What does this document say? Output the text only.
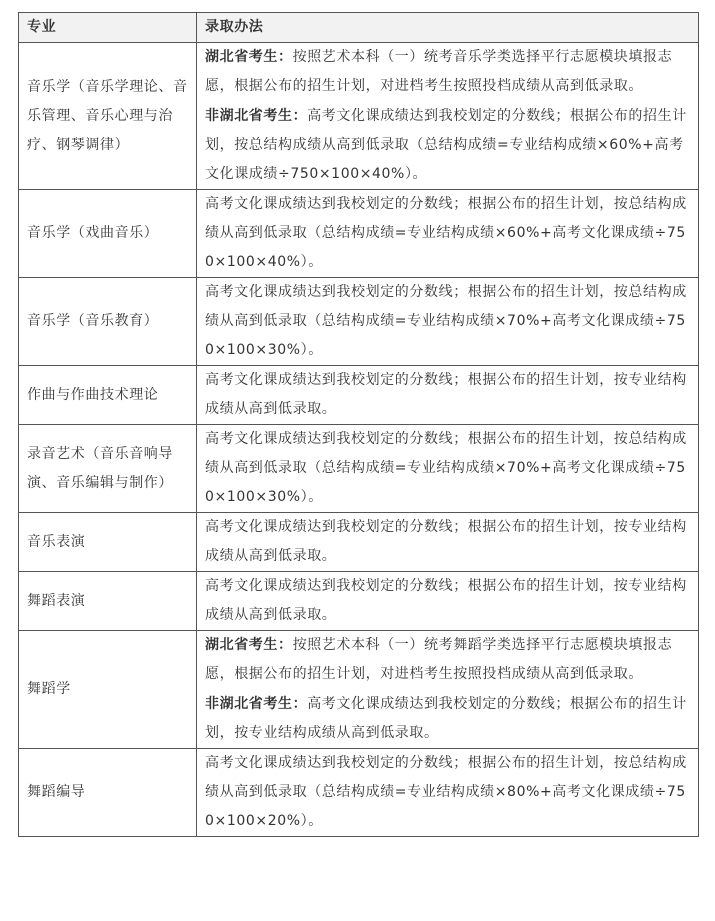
专业	录取办法
音乐学（音乐学理论、音乐管理、音乐心理与治疗、钢琴调律）	湖北省考生：按照艺术本科（一）统考音乐学类选择平行志愿模块填报志愿，根据公布的招生计划，对进档考生按照投档成绩从高到低录取。

非湖北省考生：高考文化课成绩达到我校划定的分数线；根据公布的招生计划，按总结构成绩从高到低录取（总结构成绩=专业结构成绩×60%+高考文化课成绩÷750×100×40%）。

音乐学（戏曲音乐）	高考文化课成绩达到我校划定的分数线；根据公布的招生计划，按总结构成绩从高到低录取（总结构成绩=专业结构成绩×60%+高考文化课成绩÷750×100×40%）。

音乐学（音乐教育）	高考文化课成绩达到我校划定的分数线；根据公布的招生计划，按总结构成绩从高到低录取（总结构成绩=专业结构成绩×70%+高考文化课成绩÷750×100×30%）。

作曲与作曲技术理论	高考文化课成绩达到我校划定的分数线；根据公布的招生计划，按专业结构成绩从高到低录取。

录音艺术（音乐音响导演、音乐编辑与制作）	高考文化课成绩达到我校划定的分数线；根据公布的招生计划，按总结构成绩从高到低录取（总结构成绩=专业结构成绩×70%+高考文化课成绩÷750×100×30%）。

音乐表演	高考文化课成绩达到我校划定的分数线；根据公布的招生计划，按专业结构成绩从高到低录取。

舞蹈表演	高考文化课成绩达到我校划定的分数线；根据公布的招生计划，按专业结构成绩从高到低录取。

舞蹈学	湖北省考生：按照艺术本科（一）统考舞蹈学类选择平行志愿模块填报志愿，根据公布的招生计划，对进档考生按照投档成绩从高到低录取。

非湖北省考生：高考文化课成绩达到我校划定的分数线；根据公布的招生计划，按专业结构成绩从高到低录取。

舞蹈编导	高考文化课成绩达到我校划定的分数线；根据公布的招生计划，按总结构成绩从高到低录取（总结构成绩=专业结构成绩×80%+高考文化课成绩÷750×100×20%）。
